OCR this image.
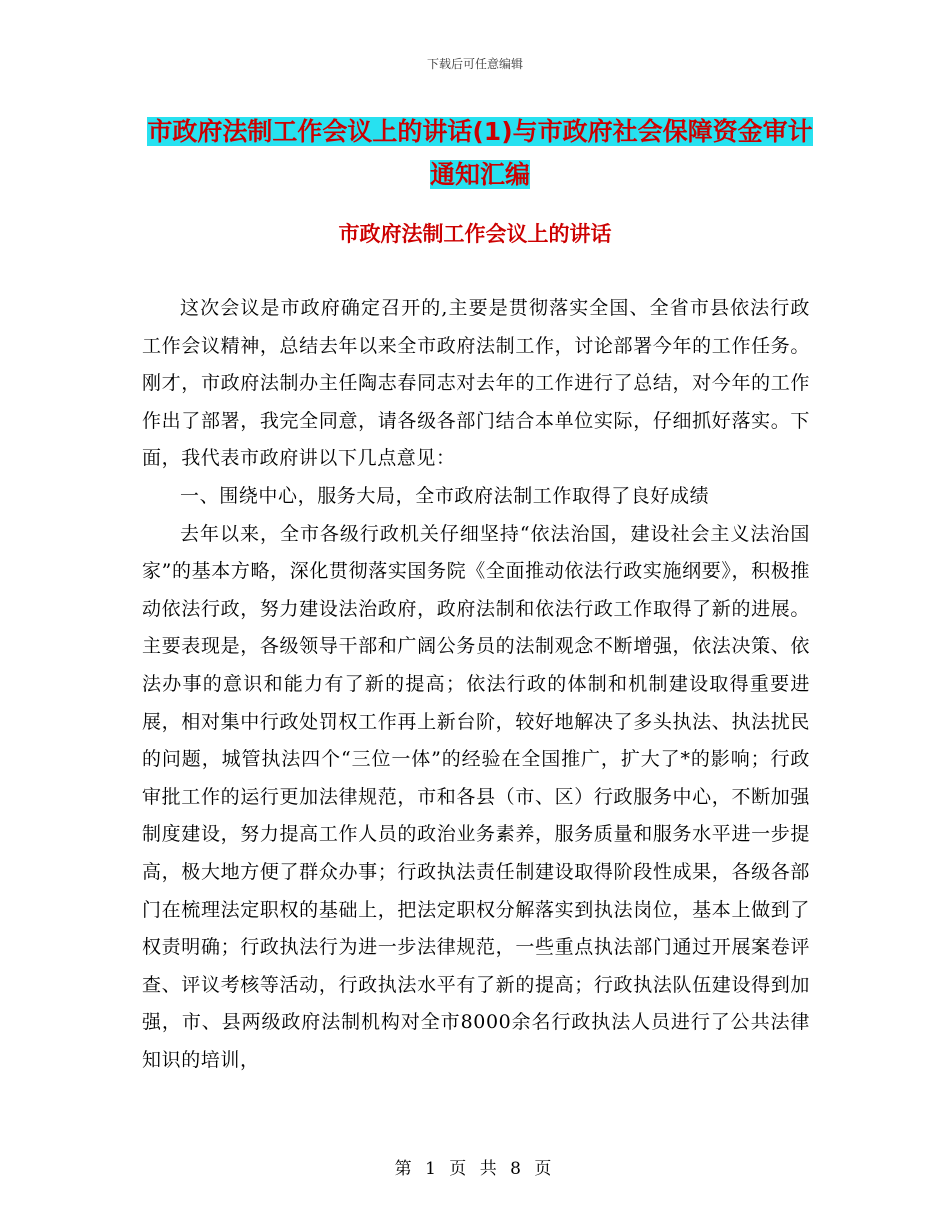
下载后可任意编辑
市政府法制工作会议上的讲话(1)与市政府社会保障资金审计通知汇编
市政府法制工作会议上的讲话

这次会议是市政府确定召开的,主要是贯彻落实全国、全省市县依法行政工作会议精神，总结去年以来全市政府法制工作，讨论部署今年的工作任务。刚才，市政府法制办主任陶志春同志对去年的工作进行了总结，对今年的工作作出了部署，我完全同意，请各级各部门结合本单位实际，仔细抓好落实。下面，我代表市政府讲以下几点意见：

一、围绕中心，服务大局，全市政府法制工作取得了良好成绩

去年以来，全市各级行政机关仔细坚持“依法治国，建设社会主义法治国家”的基本方略，深化贯彻落实国务院《全面推动依法行政实施纲要》，积极推动依法行政，努力建设法治政府，政府法制和依法行政工作取得了新的进展。主要表现是，各级领导干部和广阔公务员的法制观念不断增强，依法决策、依法办事的意识和能力有了新的提高；依法行政的体制和机制建设取得重要进展，相对集中行政处罚权工作再上新台阶，较好地解决了多头执法、执法扰民的问题，城管执法四个“三位一体”的经验在全国推广，扩大了*的影响；行政审批工作的运行更加法律规范，市和各县（市、区）行政服务中心，不断加强制度建设，努力提高工作人员的政治业务素养，服务质量和服务水平进一步提高，极大地方便了群众办事；行政执法责任制建设取得阶段性成果，各级各部门在梳理法定职权的基础上，把法定职权分解落实到执法岗位，基本上做到了权责明确；行政执法行为进一步法律规范，一些重点执法部门通过开展案卷评查、评议考核等活动，行政执法水平有了新的提高；行政执法队伍建设得到加强，市、县两级政府法制机构对全市8000余名行政执法人员进行了公共法律知识的培训，

第 1 页 共 8 页
